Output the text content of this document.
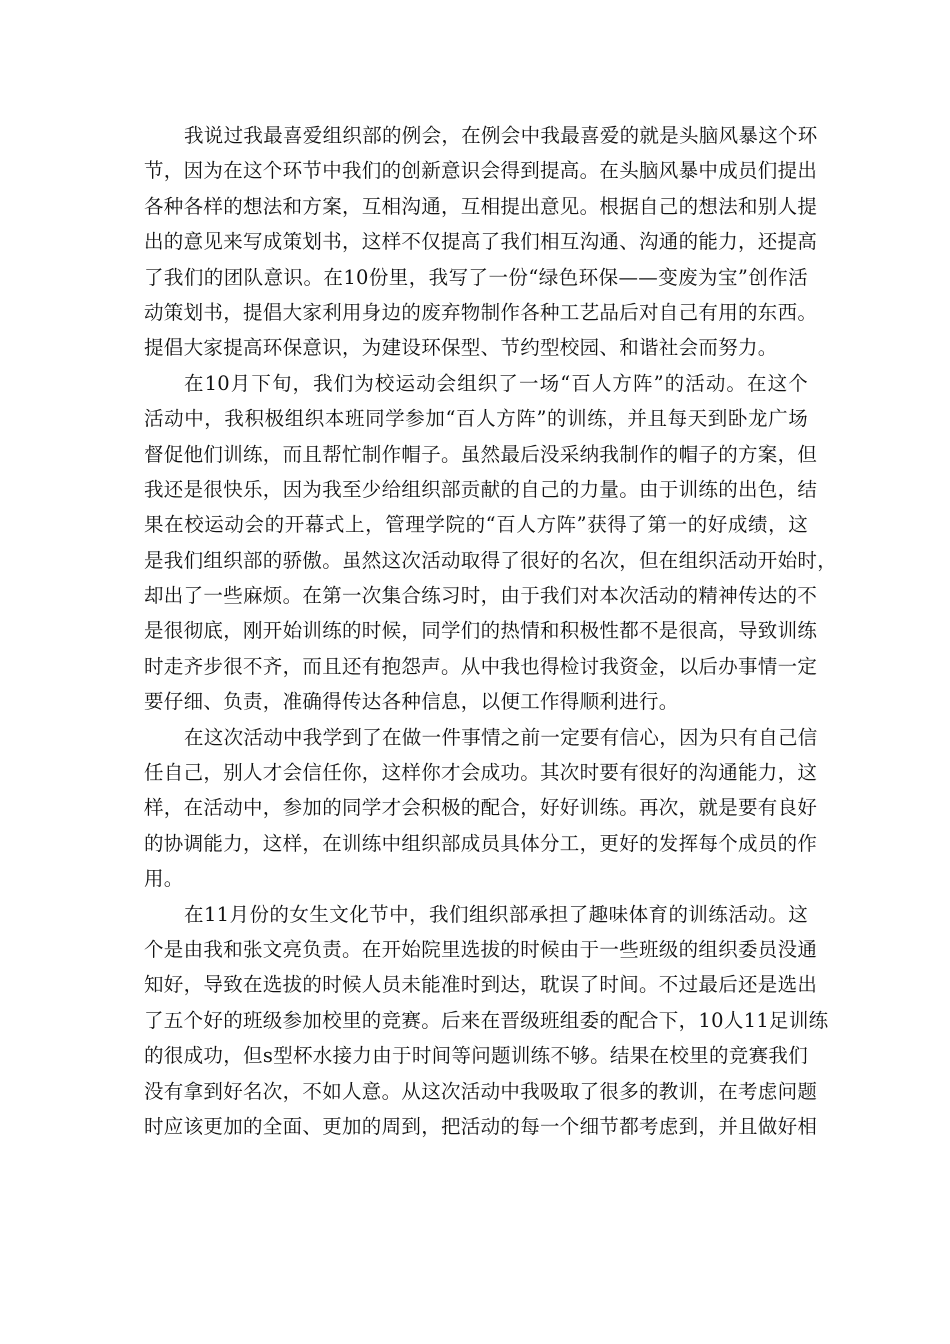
我说过我最喜爱组织部的例会，在例会中我最喜爱的就是头脑风暴这个环
节，因为在这个环节中我们的创新意识会得到提高。在头脑风暴中成员们提出
各种各样的想法和方案，互相沟通，互相提出意见。根据自己的想法和别人提
出的意见来写成策划书，这样不仅提高了我们相互沟通、沟通的能力，还提高
了我们的团队意识。在10份里，我写了一份“绿色环保——变废为宝”创作活
动策划书，提倡大家利用身边的废弃物制作各种工艺品后对自己有用的东西。
提倡大家提高环保意识，为建设环保型、节约型校园、和谐社会而努力。
在10月下旬，我们为校运动会组织了一场“百人方阵”的活动。在这个
活动中，我积极组织本班同学参加“百人方阵”的训练，并且每天到卧龙广场
督促他们训练，而且帮忙制作帽子。虽然最后没采纳我制作的帽子的方案，但
我还是很快乐，因为我至少给组织部贡献的自己的力量。由于训练的出色，结
果在校运动会的开幕式上，管理学院的“百人方阵”获得了第一的好成绩，这
是我们组织部的骄傲。虽然这次活动取得了很好的名次，但在组织活动开始时，
却出了一些麻烦。在第一次集合练习时，由于我们对本次活动的精神传达的不
是很彻底，刚开始训练的时候，同学们的热情和积极性都不是很高，导致训练
时走齐步很不齐，而且还有抱怨声。从中我也得检讨我资金，以后办事情一定
要仔细、负责，准确得传达各种信息，以便工作得顺利进行。
在这次活动中我学到了在做一件事情之前一定要有信心，因为只有自己信
任自己，别人才会信任你，这样你才会成功。其次时要有很好的沟通能力，这
样，在活动中，参加的同学才会积极的配合，好好训练。再次，就是要有良好
的协调能力，这样，在训练中组织部成员具体分工，更好的发挥每个成员的作
用。
在11月份的女生文化节中，我们组织部承担了趣味体育的训练活动。这
个是由我和张文亮负责。在开始院里选拔的时候由于一些班级的组织委员没通
知好，导致在选拔的时候人员未能准时到达，耽误了时间。不过最后还是选出
了五个好的班级参加校里的竞赛。后来在晋级班组委的配合下，10人11足训练
的很成功，但s型杯水接力由于时间等问题训练不够。结果在校里的竞赛我们
没有拿到好名次，不如人意。从这次活动中我吸取了很多的教训，在考虑问题
时应该更加的全面、更加的周到，把活动的每一个细节都考虑到，并且做好相
